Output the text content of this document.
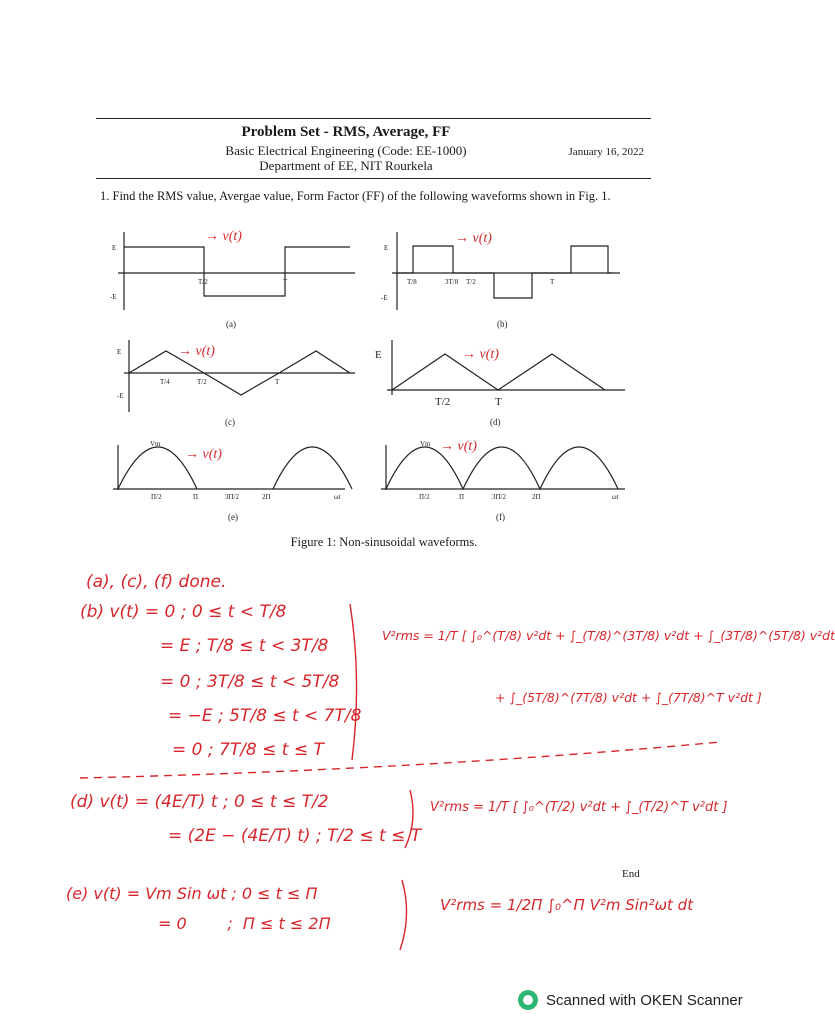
Problem Set - RMS, Average, FF
Basic Electrical Engineering (Code: EE-1000)
Department of EE, NIT Rourkela
January 16, 2022
1. Find the RMS value, Avergae value, Form Factor (FF) of the following waveforms shown in Fig. 1.
E
-E
T/2	T
E
-E
T/8	3T/8 T/2	T
E
-E
T/4	T/2	T
E
T/2	T
Vm
Π/2	Π	3Π/2	2Π	ωt
Vm
Π/2	Π	3Π/2	2Π	ωt
(a)	(b)
(c)	(d)
(e)	(f)
→ v(t)	→ v(t)
→ v(t)	→ v(t)
→ v(t)
→ v(t)
Figure 1: Non-sinusoidal waveforms.
(a), (c), (f) done.
(b) v(t) = 0 ; 0 ≤ t < T/8
= E ; T/8 ≤ t < 3T/8
= 0 ; 3T/8 ≤ t < 5T/8
= −E ; 5T/8 ≤ t < 7T/8
= 0 ; 7T/8 ≤ t ≤ T
V²rms = 1/T [ ∫₀^(T/8) v²dt + ∫_(T/8)^(3T/8) v²dt + ∫_(3T/8)^(5T/8) v²dt
+ ∫_(5T/8)^(7T/8) v²dt + ∫_(7T/8)^T v²dt ]
(d) v(t) = (4E/T) t ; 0 ≤ t ≤ T/2
= (2E − (4E/T) t) ; T/2 ≤ t ≤ T
V²rms = 1/T [ ∫₀^(T/2) v²dt + ∫_(T/2)^T v²dt ]
End
(e) v(t) = Vm Sin ωt ; 0 ≤ t ≤ Π
= 0        ;  Π ≤ t ≤ 2Π
V²rms = 1/2Π ∫₀^Π V²m Sin²ωt dt
Scanned with OKEN Scanner
